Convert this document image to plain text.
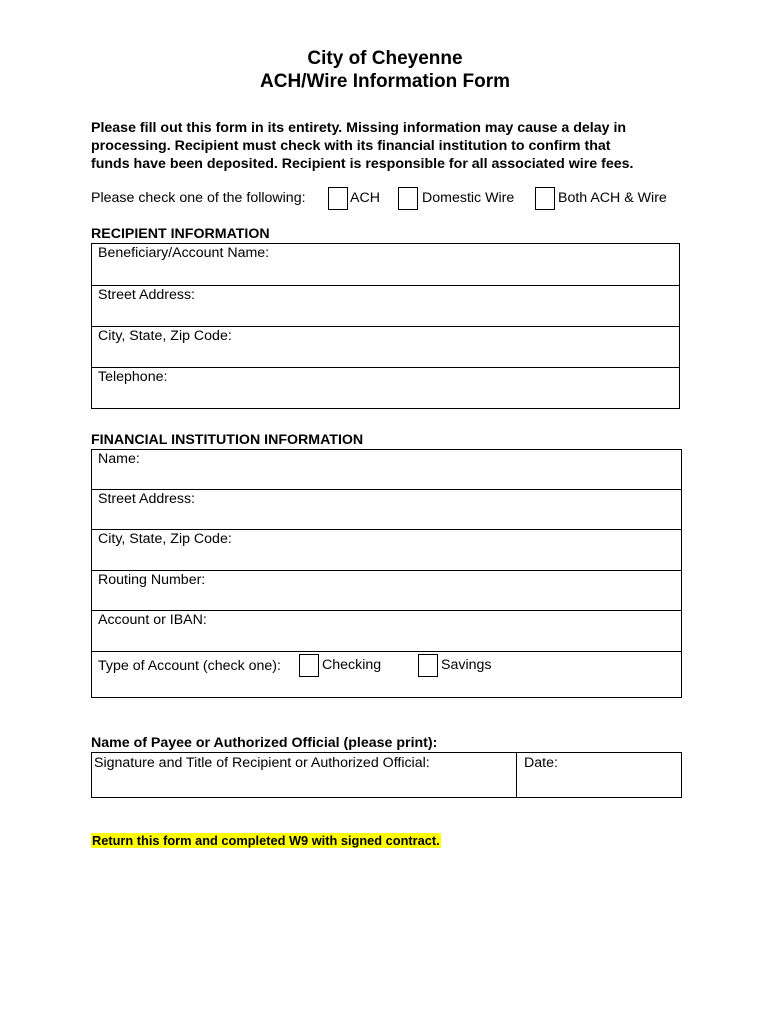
City of Cheyenne
ACH/Wire Information Form

Please fill out this form in its entirety. Missing information may cause a delay in
processing. Recipient must check with its financial institution to confirm that
funds have been deposited. Recipient is responsible for all associated wire fees.

Please check one of the following:	ACH	Domestic Wire	Both ACH & Wire
RECIPIENT INFORMATION
Beneficiary/Account Name:
Street Address:
City, State, Zip Code:
Telephone:
FINANCIAL INSTITUTION INFORMATION
Name:
Street Address:
City, State, Zip Code:
Routing Number:
Account or IBAN:
Type of Account (check one):	Checking	Savings
Name of Payee or Authorized Official (please print):
Signature and Title of Recipient or Authorized Official:	Date:
Return this form and completed W9 with signed contract.
